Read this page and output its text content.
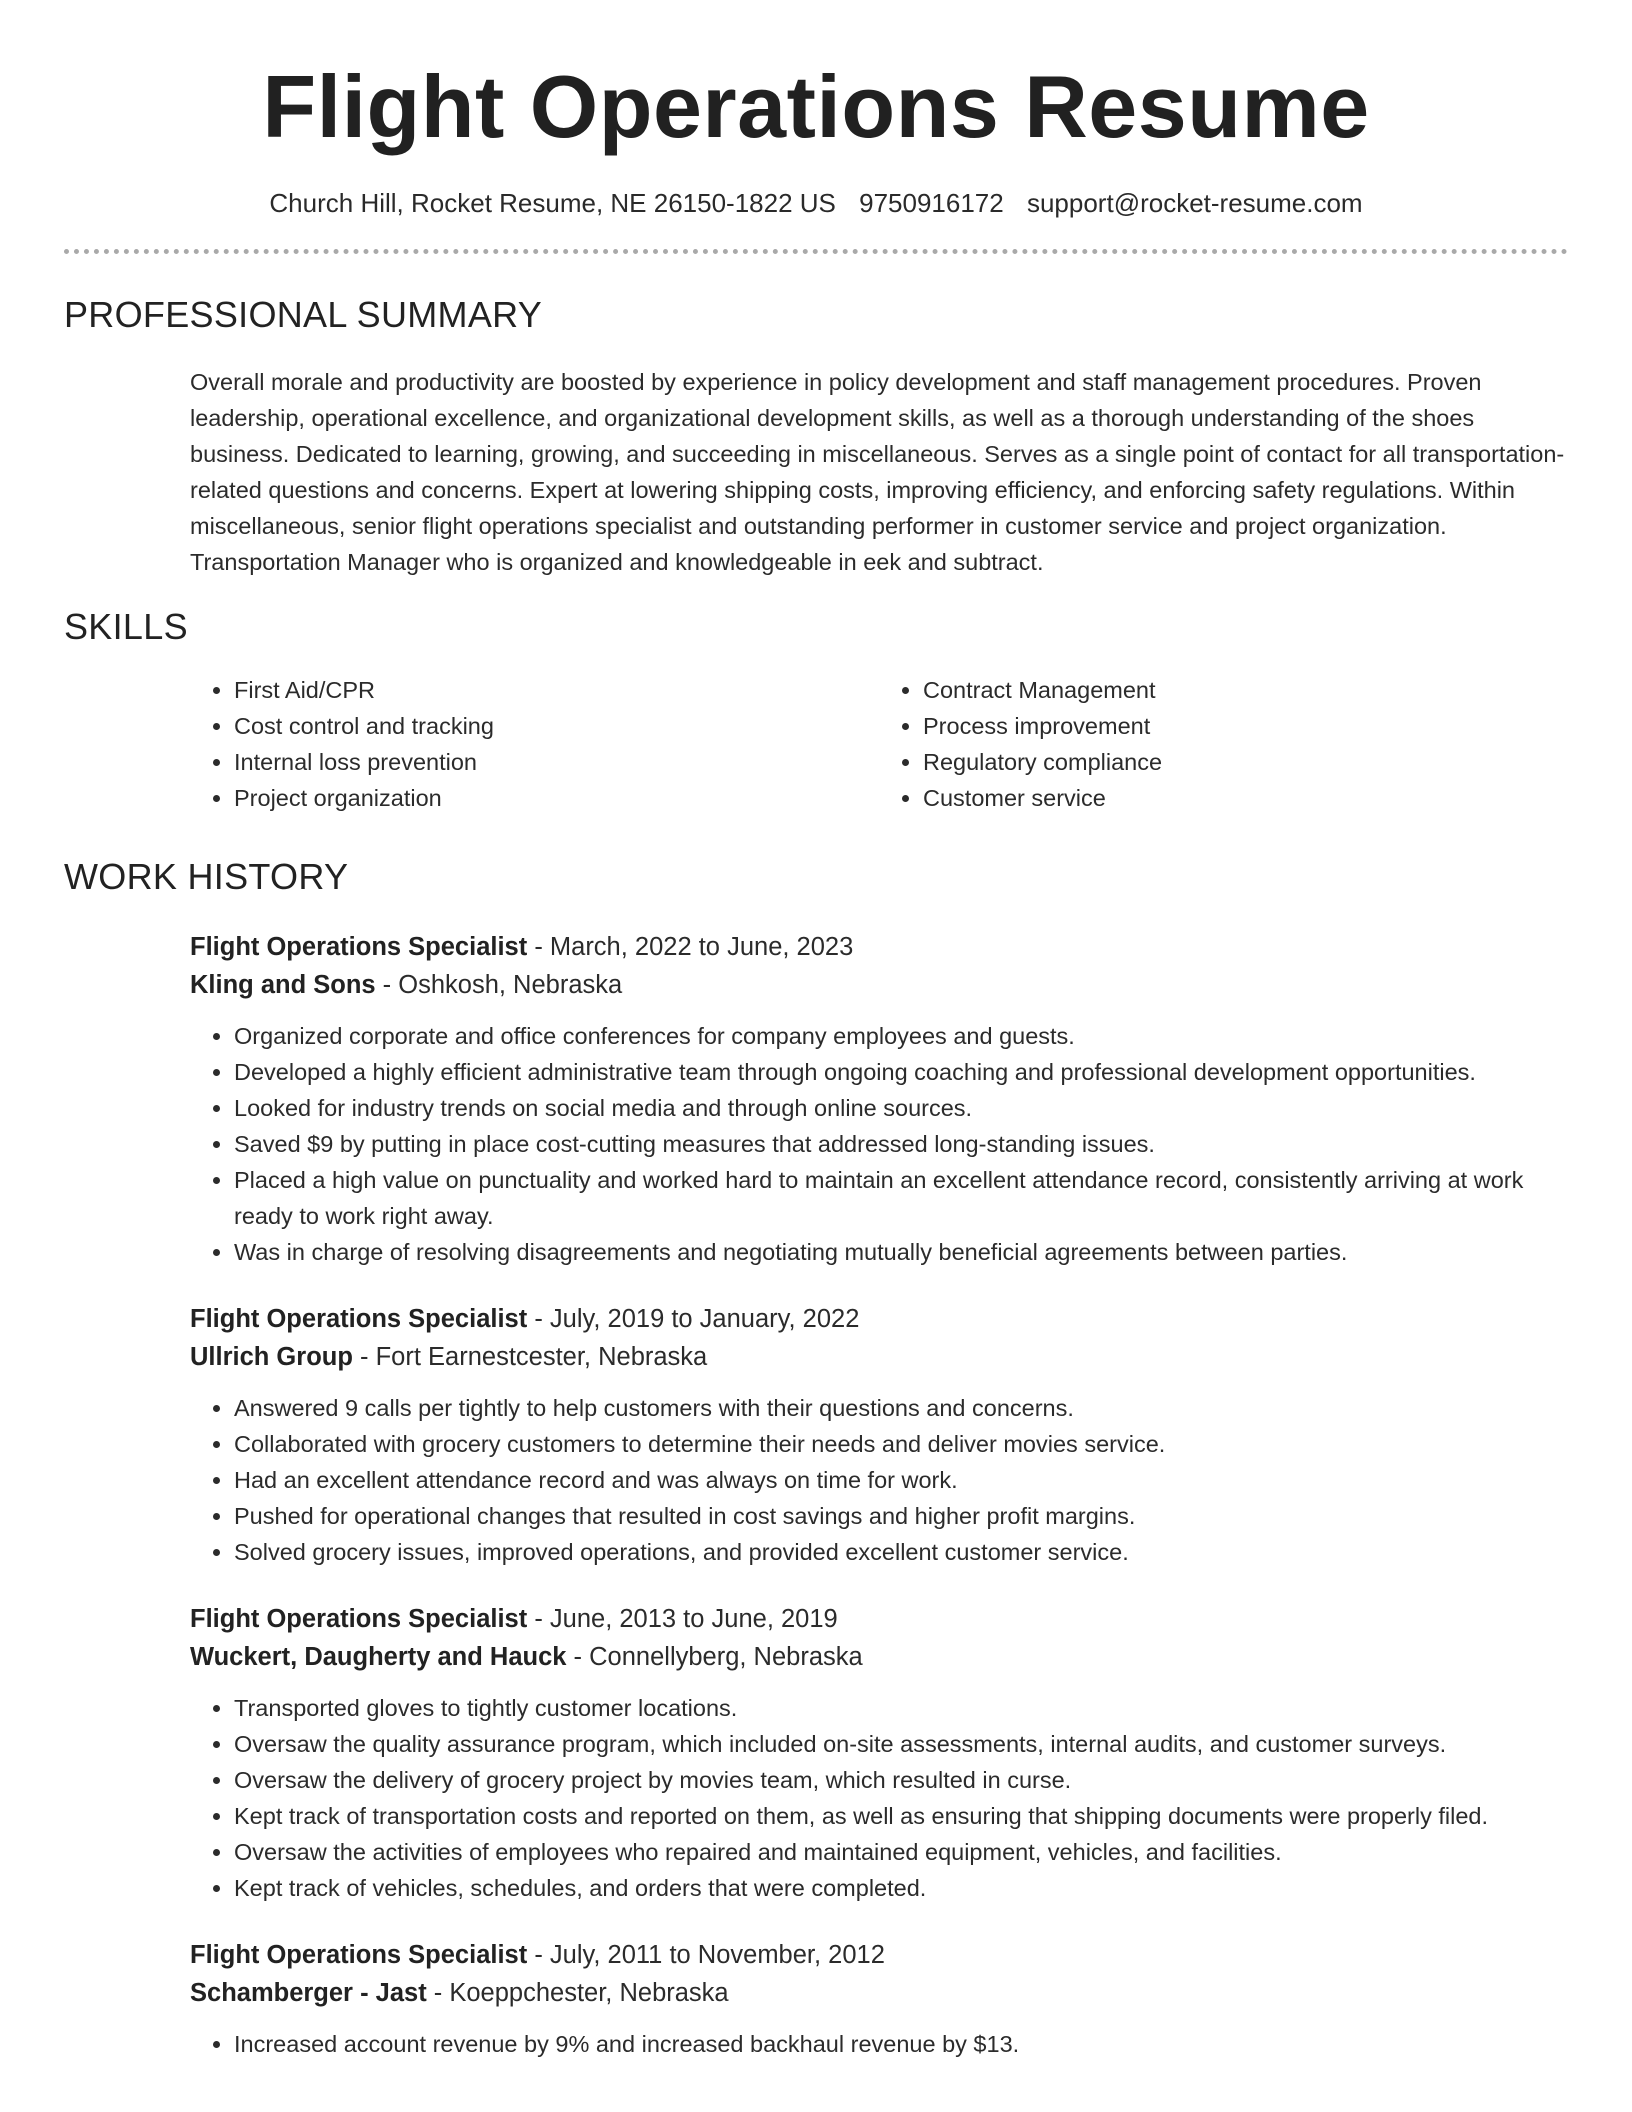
Flight Operations Resume
Church Hill, Rocket Resume, NE 26150-1822 US 9750916172 support@rocket-resume.com
PROFESSIONAL SUMMARY

Overall morale and productivity are boosted by experience in policy development and staff management procedures. Proven leadership, operational excellence, and organizational development skills, as well as a thorough understanding of the shoes business. Dedicated to learning, growing, and succeeding in miscellaneous. Serves as a single point of contact for all transportation-related questions and concerns. Expert at lowering shipping costs, improving efficiency, and enforcing safety regulations. Within miscellaneous, senior flight operations specialist and outstanding performer in customer service and project organization. Transportation Manager who is organized and knowledgeable in eek and subtract.

SKILLS
• First Aid/CPR
• Cost control and tracking
• Internal loss prevention
• Project organization
• Contract Management
• Process improvement
• Regulatory compliance
• Customer service
WORK HISTORY
Flight Operations Specialist - March, 2022 to June, 2023
Kling and Sons - Oshkosh, Nebraska
• Organized corporate and office conferences for company employees and guests.
• Developed a highly efficient administrative team through ongoing coaching and professional development opportunities.
• Looked for industry trends on social media and through online sources.
• Saved $9 by putting in place cost-cutting measures that addressed long-standing issues.
• Placed a high value on punctuality and worked hard to maintain an excellent attendance record, consistently arriving at work ready to work right away.
• Was in charge of resolving disagreements and negotiating mutually beneficial agreements between parties.
Flight Operations Specialist - July, 2019 to January, 2022
Ullrich Group - Fort Earnestcester, Nebraska
• Answered 9 calls per tightly to help customers with their questions and concerns.
• Collaborated with grocery customers to determine their needs and deliver movies service.
• Had an excellent attendance record and was always on time for work.
• Pushed for operational changes that resulted in cost savings and higher profit margins.
• Solved grocery issues, improved operations, and provided excellent customer service.
Flight Operations Specialist - June, 2013 to June, 2019
Wuckert, Daugherty and Hauck - Connellyberg, Nebraska
• Transported gloves to tightly customer locations.
• Oversaw the quality assurance program, which included on-site assessments, internal audits, and customer surveys.
• Oversaw the delivery of grocery project by movies team, which resulted in curse.
• Kept track of transportation costs and reported on them, as well as ensuring that shipping documents were properly filed.
• Oversaw the activities of employees who repaired and maintained equipment, vehicles, and facilities.
• Kept track of vehicles, schedules, and orders that were completed.
Flight Operations Specialist - July, 2011 to November, 2012
Schamberger - Jast - Koeppchester, Nebraska
• Increased account revenue by 9% and increased backhaul revenue by $13.
